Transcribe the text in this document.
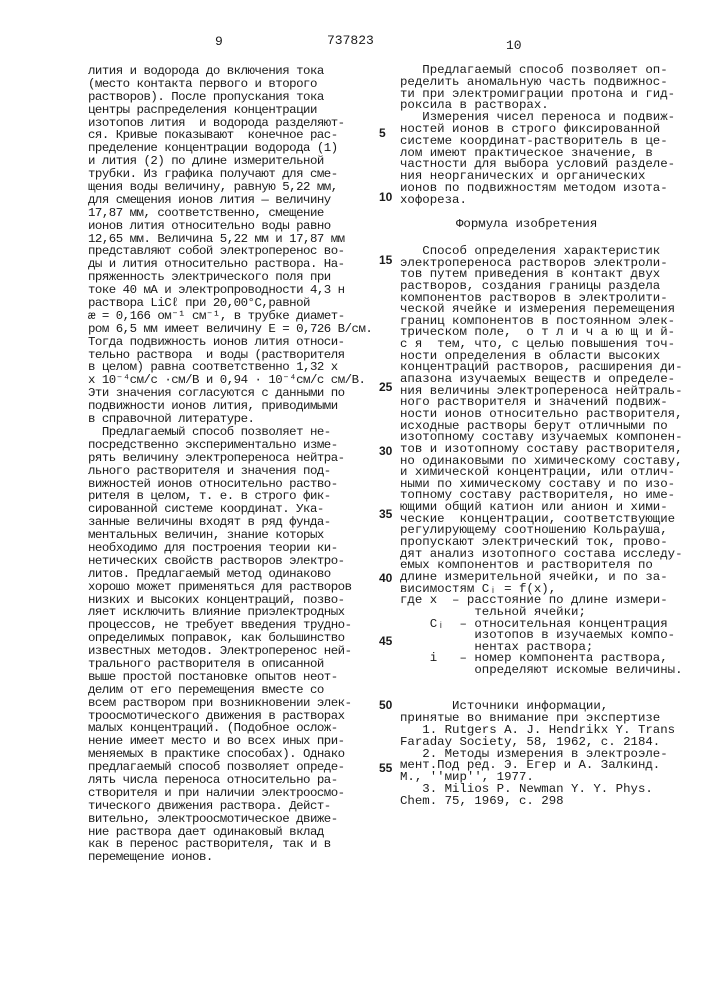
9	737823	10
лития и водорода до включения тока
(место контакта первого и второго
растворов). После пропускания тока
центры распределения концентрации
изотопов лития  и водорода разделяют-
ся. Кривые показывают  конечное рас-
пределение концентрации водорода (1)
и лития (2) по длине измерительной
трубки. Из графика получают для сме-
щения воды величину, равную 5,22 мм,
для смещения ионов лития — величину
17,87 мм, соответственно, смещение
ионов лития относительно воды равно
12,65 мм. Величина 5,22 мм и 17,87 мм
представляют собой электроперенос во-
ды и лития относительно раствора. На-
пряженность электрического поля при
токе 40 мА и электропроводности 4,3 н
раствора LiCℓ при 20,00°С,равной
æ = 0,166 ом⁻¹ см⁻¹, в трубке диамет-
ром 6,5 мм имеет величину Е = 0,726 В/см.
Тогда подвижность ионов лития относи-
тельно раствора  и воды (растворителя
в целом) равна соответственно 1,32 х
х 10⁻⁴см/с ·см/В и 0,94 · 10⁻⁴см/с см/В.
Эти значения согласуются с данными по
подвижности ионов лития, приводимыми
в справочной литературе.
Предлагаемый способ позволяет не-
посредственно экспериментально изме-
рять величину электропереноса нейтра-
льного растворителя и значения под-
вижностей ионов относительно раство-
рителя в целом, т. е. в строго фик-
сированной системе координат. Ука-
занные величины входят в ряд фунда-
ментальных величин, знание которых
необходимо для построения теории ки-
нетических свойств растворов электро-
литов. Предлагаемый метод одинаково
хорошо может применяться для растворов
низких и высоких концентраций, позво-
ляет исключить влияние приэлектродных
процессов, не требует введения трудно-
определимых поправок, как большинство
известных методов. Электроперенос ней-
трального растворителя в описанной
выше простой постановке опытов неот-
делим от его перемещения вместе со
всем раствором при возникновении элек-
троосмотического движения в растворах
малых концентраций. (Подобное ослож-
нение имеет место и во всех иных при-
меняемых в практике способах). Однако
предлагаемый способ позволяет опреде-
лять числа переноса относительно ра-
створителя и при наличии электроосмо-
тического движения раствора. Дейст-
вительно, электроосмотическое движе-
ние раствора дает одинаковый вклад
как в перенос растворителя, так и в
перемещение ионов.
Предлагаемый способ позволяет оп-
ределить аномальную часть подвижнос-
ти при электромиграции протона и гид-
роксила в растворах.
Измерения чисел переноса и подвиж-
ностей ионов в строго фиксированной
системе координат-растворитель в це-
лом имеют практическое значение, в
частности для выбора условий разделе-
ния неорганических и органических
ионов по подвижностям методом изота-
хофореза.
Формула изобретения
Способ определения характеристик
электропереноса растворов электроли-
тов путем приведения в контакт двух
растворов, создания границы раздела
компонентов растворов в электролити-
ческой ячейке и измерения перемещения
границ компонентов в постоянном элек-
трическом поле,  о т л и ч а ю щ и й-
с я  тем, что, с целью повышения точ-
ности определения в области высоких
концентраций растворов, расширения ди-
апазона изучаемых веществ и определе-
ния величины электропереноса нейтраль-
ного растворителя и значений подвиж-
ности ионов относительно растворителя,
исходные растворы берут отличными по
изотопному составу изучаемых компонен-
тов и изотопному составу растворителя,
но одинаковыми по химическому составу,
и химической концентрации, или отлич-
ными по химическому составу и по изо-
топному составу растворителя, но име-
ющими общий катион или анион и хими-
ческие  концентрации, соответствующие
регулирующему соотношению Кольрауша,
пропускают электрический ток, прово-
дят анализ изотопного состава исследу-
емых компонентов и растворителя по
длине измерительной ячейки, и по за-
висимостям Cᵢ = f(x),
где x  – расстояние по длине измери-
тельной ячейки;
Cᵢ  – относительная концентрация
изотопов в изучаемых компо-
нентах раствора;
i   – номер компонента раствора,
определяют искомые величины.
Источники информации,
принятые во внимание при экспертизе
1. Rutgers A. J. Hendrikx Y. Trans
Faraday Society, 58, 1962, c. 2184.
2. Методы измерения в электроэле-
мент.Под ред. Э. Егер и А. Залкинд.
М., ''мир'', 1977.
3. Milios P. Newman Y. Y. Phys.
Chem. 75, 1969, c. 298
5
10
15
25
30
35
40
45
50
55
